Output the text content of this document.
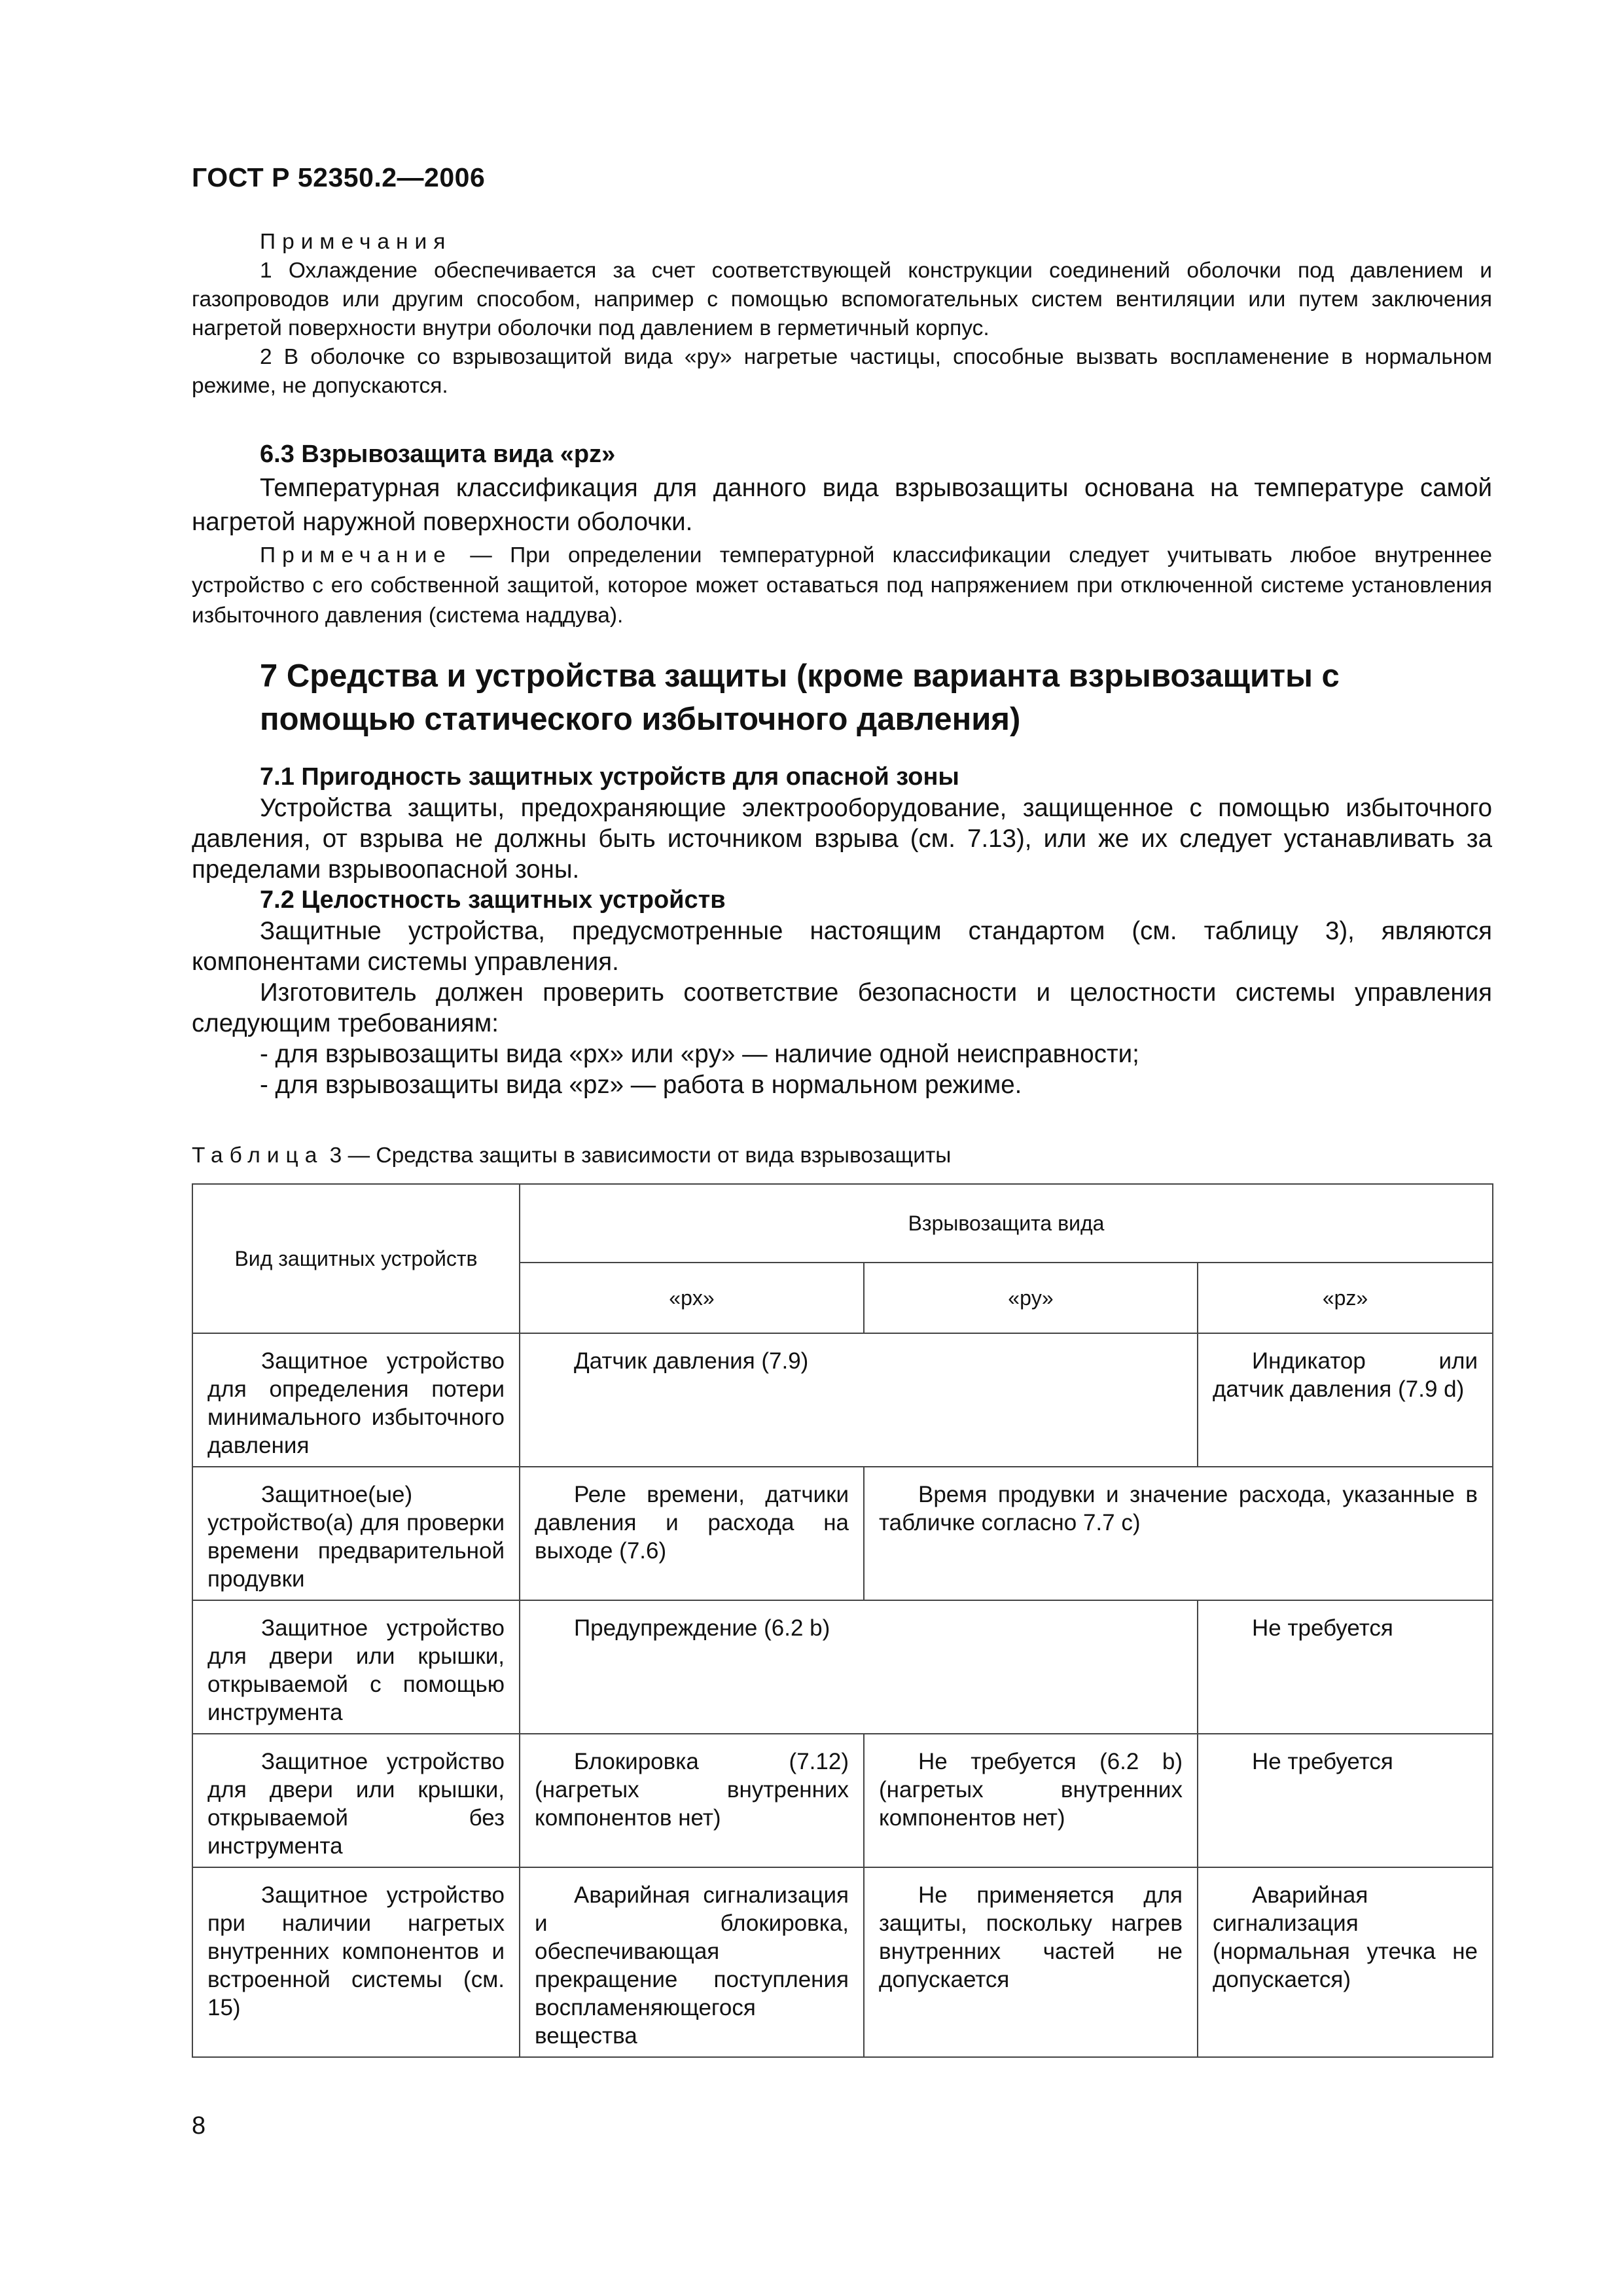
ГОСТ Р 52350.2—2006

Примечания

1 Охлаждение обеспечивается за счет соответствующей конструкции соединений оболочки под давлением и газопроводов или другим способом, например с помощью вспомогательных систем вентиляции или путем заключения нагретой поверхности внутри оболочки под давлением в герметичный корпус.

2 В оболочке со взрывозащитой вида «py» нагретые частицы, способные вызвать воспламенение в нормальном режиме, не допускаются.

6.3 Взрывозащита вида «pz»

Температурная классификация для данного вида взрывозащиты основана на температуре самой нагретой наружной поверхности оболочки.

Примечание — При определении температурной классификации следует учитывать любое внутреннее устройство с его собственной защитой, которое может оставаться под напряжением при отключенной системе установления избыточного давления (система наддува).

7 Средства и устройства защиты (кроме варианта взрывозащиты с помощью статического избыточного давления)
7.1 Пригодность защитных устройств для опасной зоны

Устройства защиты, предохраняющие электрооборудование, защищенное с помощью избыточного давления, от взрыва не должны быть источником взрыва (см. 7.13), или же их следует устанавливать за пределами взрывоопасной зоны.

7.2 Целостность защитных устройств

Защитные устройства, предусмотренные настоящим стандартом (см. таблицу 3), являются компонентами системы управления.

Изготовитель должен проверить соответствие безопасности и целостности системы управления следующим требованиям:

- для взрывозащиты вида «px» или «py» — наличие одной неисправности;

- для взрывозащиты вида «pz» — работа в нормальном режиме.

Таблица 3 — Средства защиты в зависимости от вида взрывозащиты
Вид защитных устройств	Взрывозащита вида		
	«px»	«py»	«pz»
Защитное устройство для определения потери минимального избыточного давления	Датчик давления (7.9)		Индикатор или датчик давления (7.9 d)
Защитное(ые) устройство(а) для проверки времени предварительной продувки	Реле времени, датчики давления и расхода на выходе (7.6)	Время продувки и значение расхода, указанные в табличке согласно 7.7 c)	
Защитное устройство для двери или крышки, открываемой с помощью инструмента	Предупреждение (6.2 b)		Не требуется
Защитное устройство для двери или крышки, открываемой без инструмента	Блокировка (7.12) (нагретых внутренних компонентов нет)	Не требуется (6.2 b) (нагретых внутренних компонентов нет)	Не требуется
Защитное устройство при наличии нагретых внутренних компонентов и встроенной системы (см. 15)	Аварийная сигнализация и блокировка, обеспечивающая прекращение поступления воспламеняющегося вещества	Не применяется для защиты, поскольку нагрев внутренних частей не допускается	Аварийная сигнализация (нормальная утечка не допускается)
8
